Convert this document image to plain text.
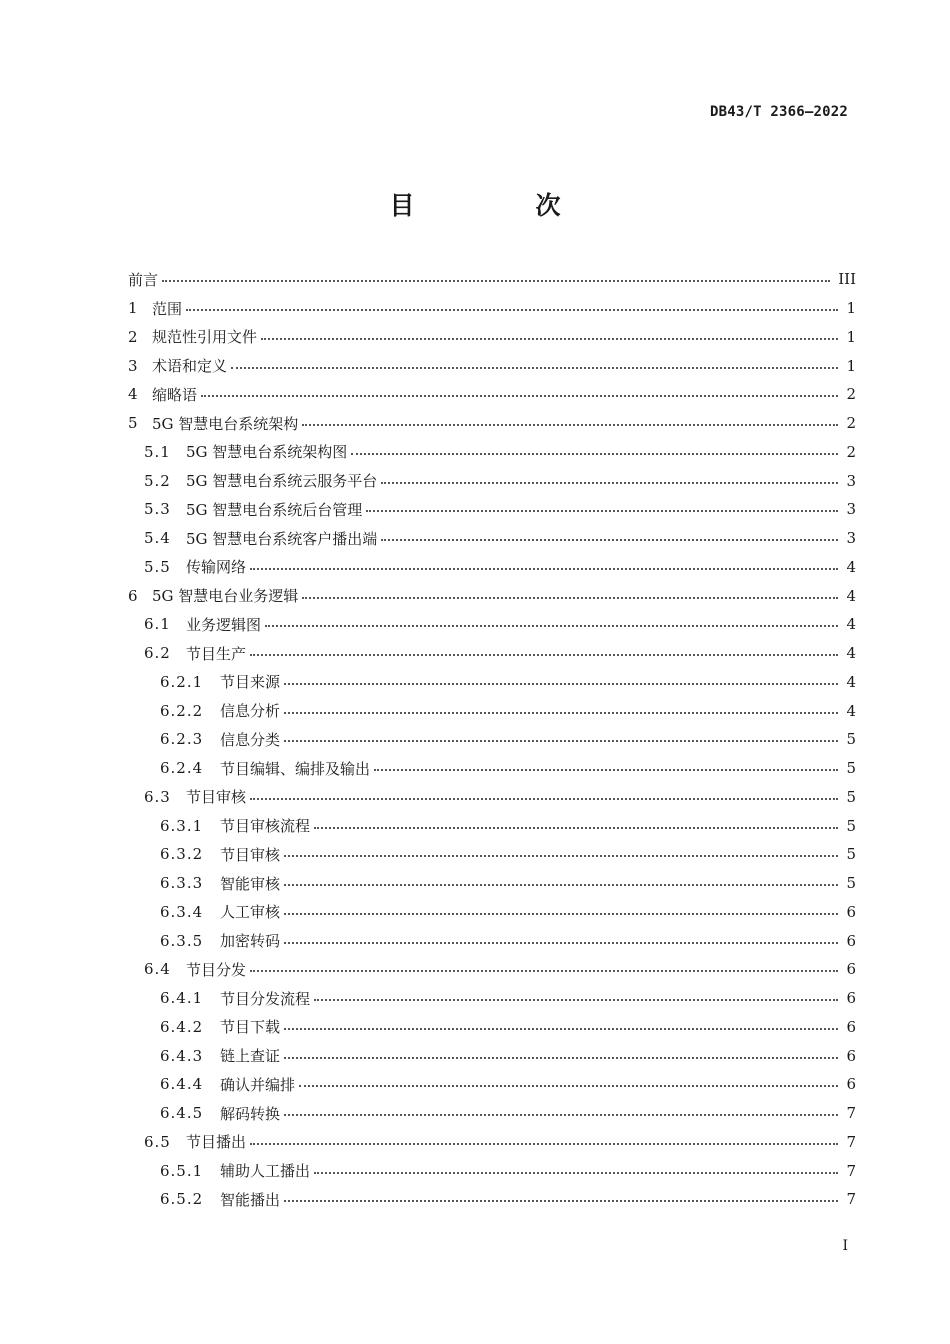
DB43/T 2366—2022
目　次
前言	III
1 范围	1
2 规范性引用文件	1
3 术语和定义	1
4 缩略语	2
5 5G 智慧电台系统架构	2
5.1	5G 智慧电台系统架构图	2
5.2	5G 智慧电台系统云服务平台	3
5.3	5G 智慧电台系统后台管理	3
5.4	5G 智慧电台系统客户播出端	3
5.5	传输网络	4
6 5G 智慧电台业务逻辑	4
6.1	业务逻辑图	4
6.2	节目生产	4
6.2.1	节目来源	4
6.2.2	信息分析	4
6.2.3	信息分类	5
6.2.4	节目编辑、编排及输出	5
6.3	节目审核	5
6.3.1	节目审核流程	5
6.3.2	节目审核	5
6.3.3	智能审核	5
6.3.4	人工审核	6
6.3.5	加密转码	6
6.4	节目分发	6
6.4.1	节目分发流程	6
6.4.2	节目下载	6
6.4.3	链上查证	6
6.4.4	确认并编排	6
6.4.5	解码转换	7
6.5	节目播出	7
6.5.1	辅助人工播出	7
6.5.2	智能播出	7
I
